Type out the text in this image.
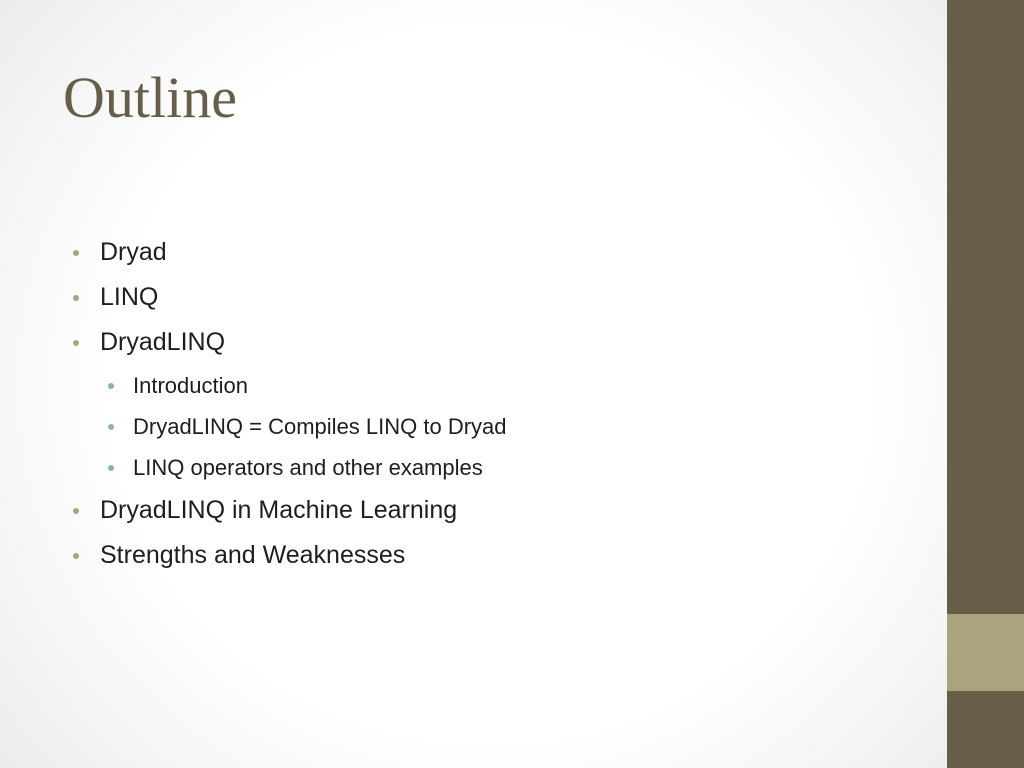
Outline
Dryad
LINQ
DryadLINQ
Introduction
DryadLINQ = Compiles LINQ to Dryad
LINQ operators and other examples
DryadLINQ in Machine Learning
Strengths and Weaknesses
